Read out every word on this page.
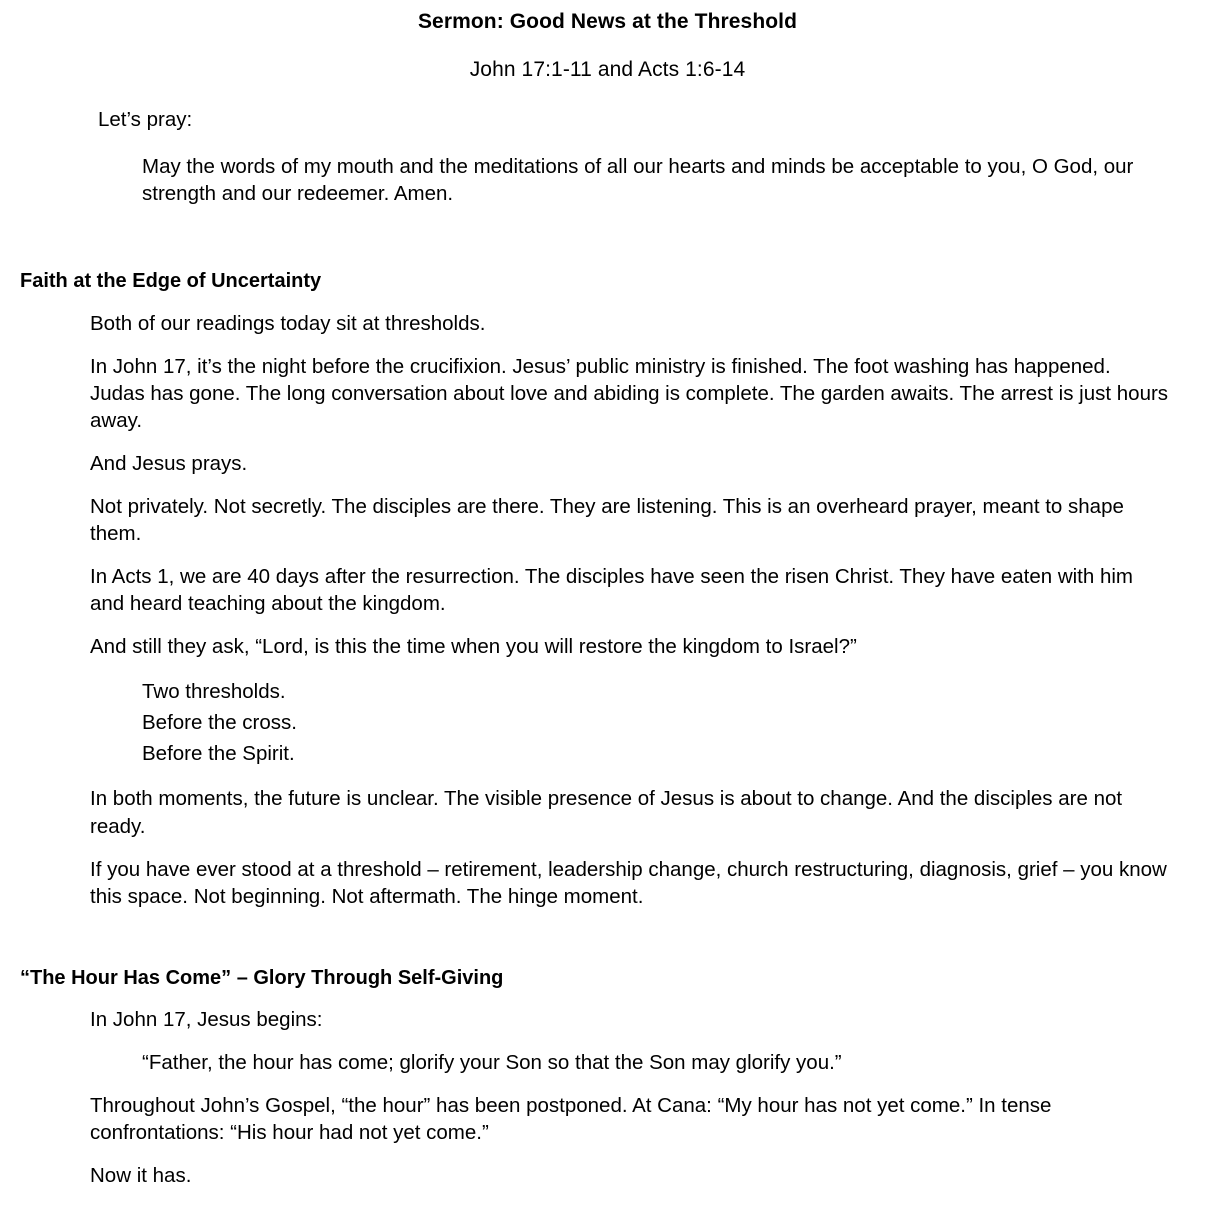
Sermon: Good News at the Threshold
John 17:1-11 and Acts 1:6-14
Let’s pray:
May the words of my mouth and the meditations of all our hearts and minds be acceptable to you, O God, our strength and our redeemer. Amen.
Faith at the Edge of Uncertainty
Both of our readings today sit at thresholds.
In John 17, it’s the night before the crucifixion. Jesus’ public ministry is finished. The foot washing has happened. Judas has gone. The long conversation about love and abiding is complete. The garden awaits. The arrest is just hours away.
And Jesus prays.
Not privately. Not secretly. The disciples are there. They are listening. This is an overheard prayer, meant to shape them.
In Acts 1, we are 40 days after the resurrection. The disciples have seen the risen Christ. They have eaten with him and heard teaching about the kingdom.
And still they ask, “Lord, is this the time when you will restore the kingdom to Israel?”
Two thresholds.
Before the cross.
Before the Spirit.
In both moments, the future is unclear. The visible presence of Jesus is about to change. And the disciples are not ready.
If you have ever stood at a threshold – retirement, leadership change, church restructuring, diagnosis, grief – you know this space. Not beginning. Not aftermath. The hinge moment.
“The Hour Has Come” – Glory Through Self-Giving
In John 17, Jesus begins:
“Father, the hour has come; glorify your Son so that the Son may glorify you.”
Throughout John’s Gospel, “the hour” has been postponed. At Cana: “My hour has not yet come.” In tense confrontations: “His hour had not yet come.”
Now it has.
